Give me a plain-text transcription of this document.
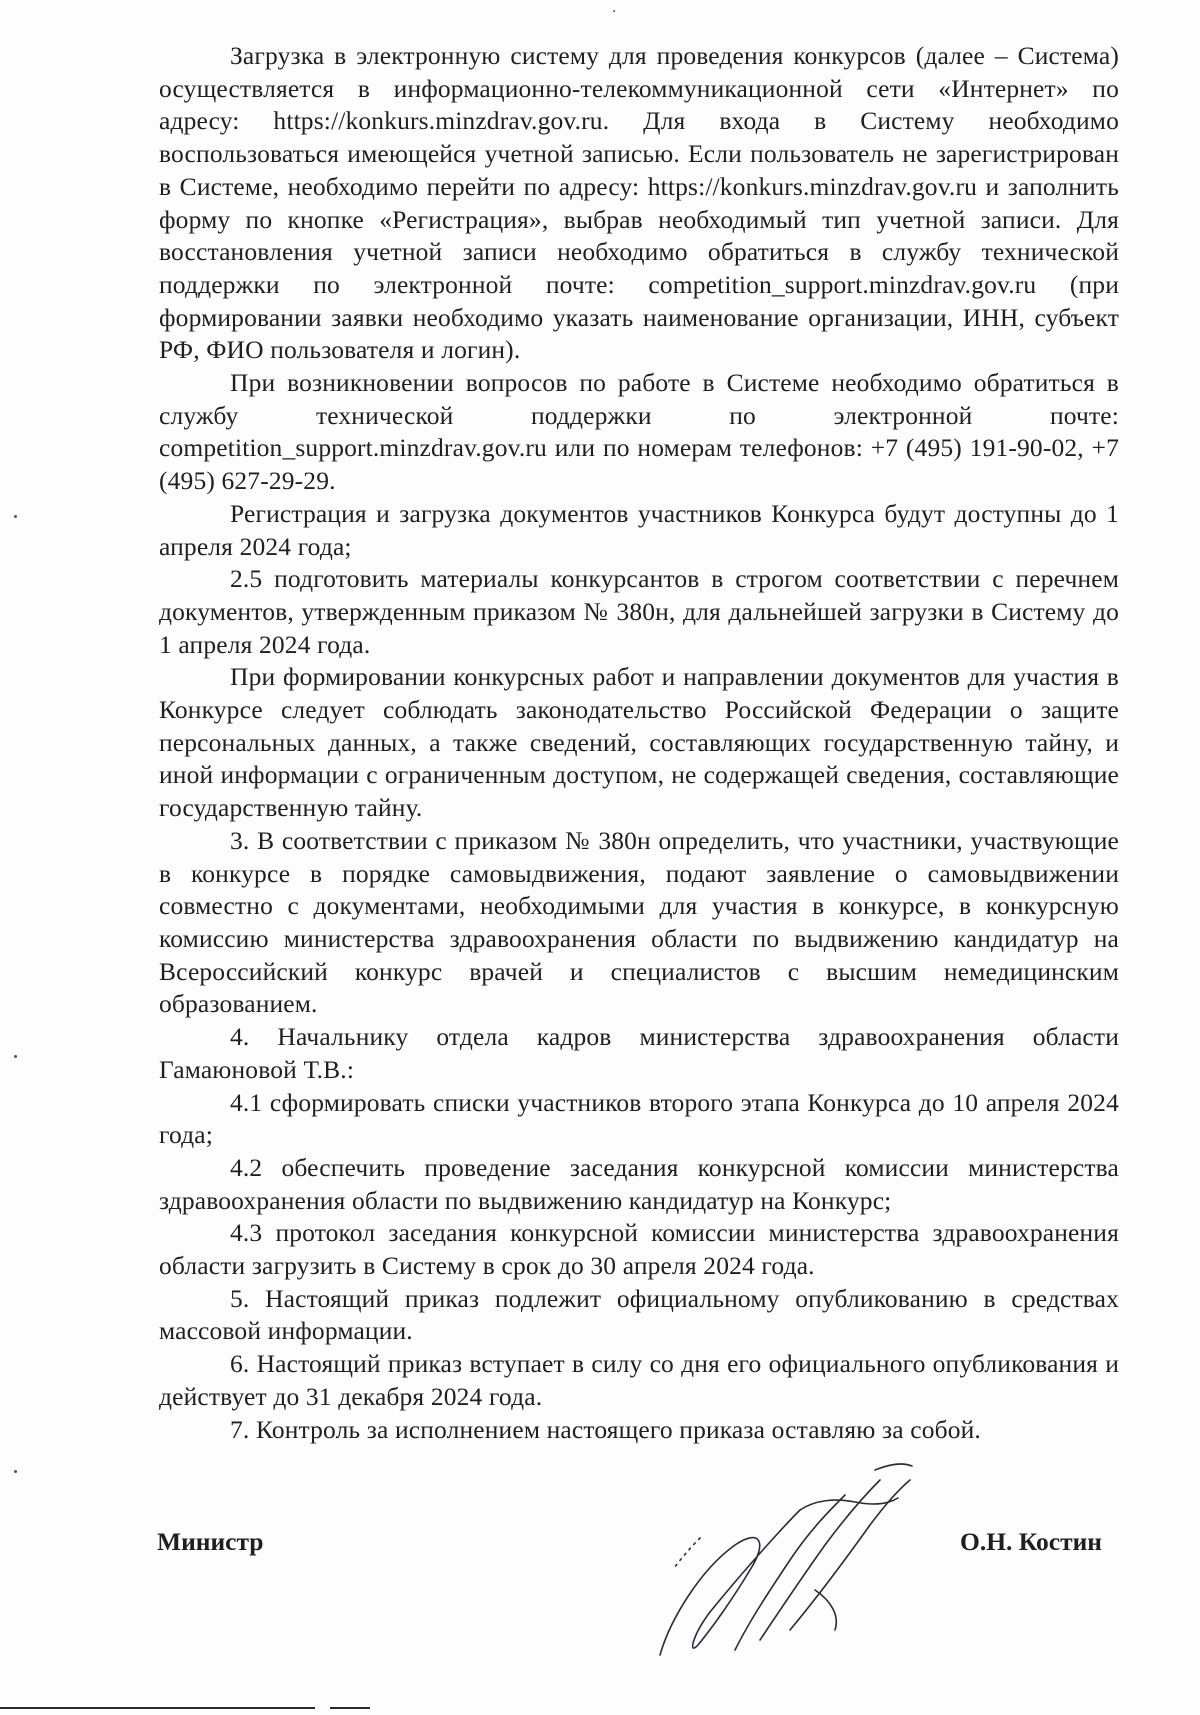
·

Загрузка в электронную систему для проведения конкурсов (далее – Система) осуществляется в информационно-телекоммуникационной сети «Интернет» по адресу: https://konkurs.minzdrav.gov.ru. Для входа в Систему необходимо воспользоваться имеющейся учетной записью. Если пользователь не зарегистрирован в Системе, необходимо перейти по адресу: https://konkurs.minzdrav.gov.ru и заполнить форму по кнопке «Регистрация», выбрав необходимый тип учетной записи. Для восстановления учетной записи необходимо обратиться в службу технической поддержки по электронной почте: competition_support.minzdrav.gov.ru (при формировании заявки необходимо указать наименование организации, ИНН, субъект РФ, ФИО пользователя и логин).

При возникновении вопросов по работе в Системе необходимо обратиться в службу технической поддержки по электронной почте: competition_support.minzdrav.gov.ru или по номерам телефонов: +7 (495) 191-90-02, +7 (495) 627-29-29.

Регистрация и загрузка документов участников Конкурса будут доступны до 1 апреля 2024 года;

2.5 подготовить материалы конкурсантов в строгом соответствии с перечнем документов, утвержденным приказом № 380н, для дальнейшей загрузки в Систему до 1 апреля 2024 года.

При формировании конкурсных работ и направлении документов для участия в Конкурсе следует соблюдать законодательство Российской Федерации о защите персональных данных, а также сведений, составляющих государственную тайну, и иной информации с ограниченным доступом, не содержащей сведения, составляющие государственную тайну.

3. В соответствии с приказом № 380н определить, что участники, участвующие в конкурсе в порядке самовыдвижения, подают заявление о самовыдвижении совместно с документами, необходимыми для участия в конкурсе, в конкурсную комиссию министерства здравоохранения области по выдвижению кандидатур на Всероссийский конкурс врачей и специалистов с высшим немедицинским образованием.

4. Начальнику отдела кадров министерства здравоохранения области Гамаюновой Т.В.:

4.1 сформировать списки участников второго этапа Конкурса до 10 апреля 2024 года;

4.2 обеспечить проведение заседания конкурсной комиссии министерства здравоохранения области по выдвижению кандидатур на Конкурс;

4.3 протокол заседания конкурсной комиссии министерства здравоохранения области загрузить в Систему в срок до 30 апреля 2024 года.

5. Настоящий приказ подлежит официальному опубликованию в средствах массовой информации.

6. Настоящий приказ вступает в силу со дня его официального опубликования и действует до 31 декабря 2024 года.

7. Контроль за исполнением настоящего приказа оставляю за собой.

Министр	О.Н. Костин
